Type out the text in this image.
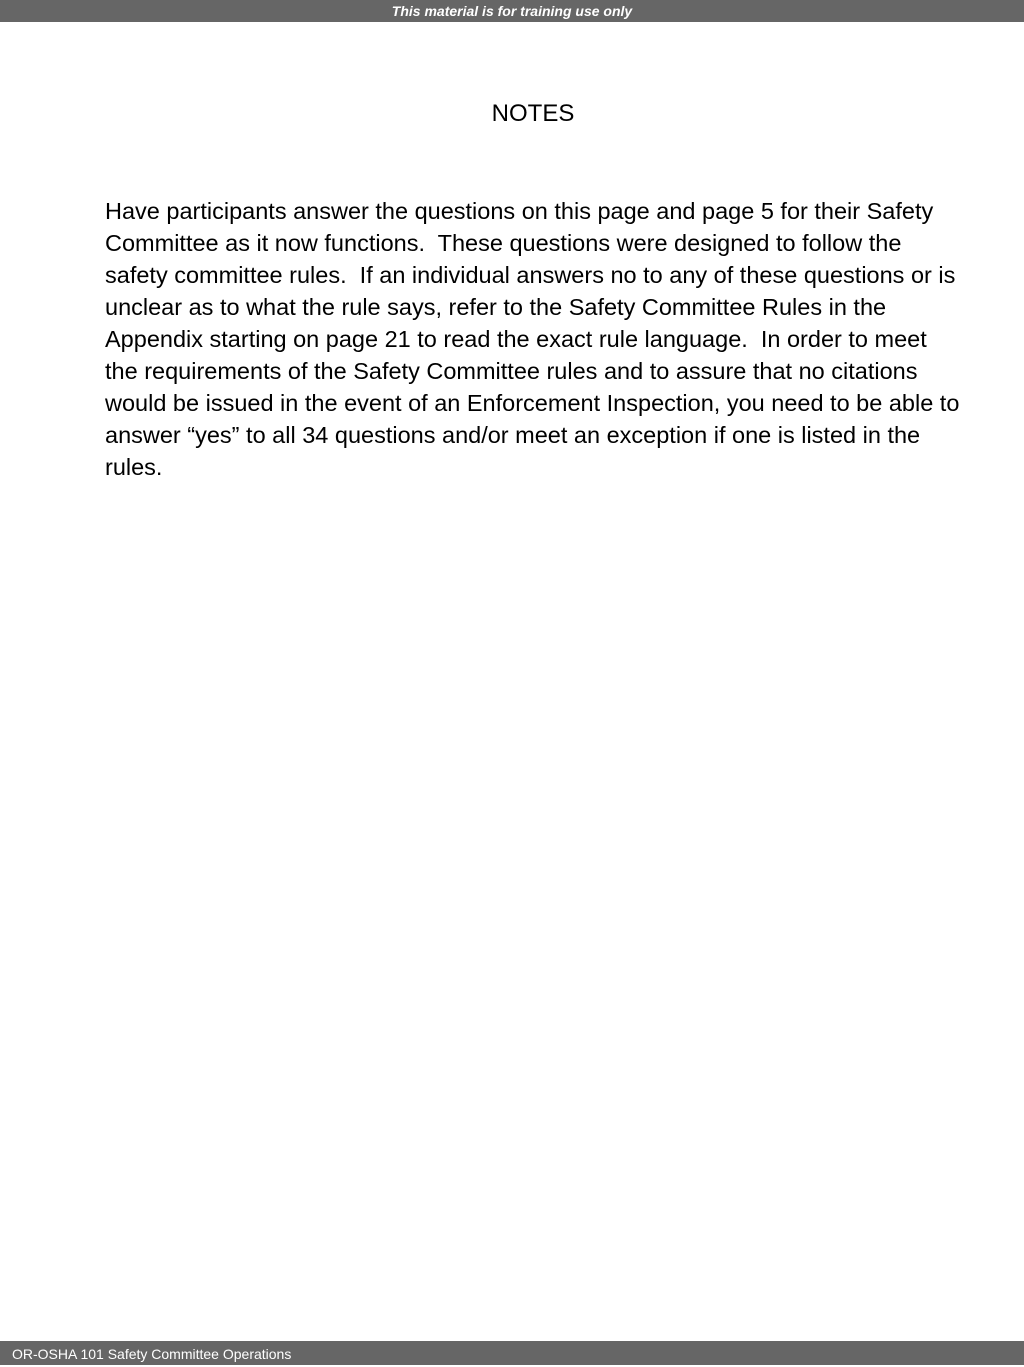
This material is for training use only
NOTES

Have participants answer the questions on this page and page 5 for their Safety Committee as it now functions.  These questions were designed to follow the safety committee rules.  If an individual answers no to any of these questions or is unclear as to what the rule says, refer to the Safety Committee Rules in the Appendix starting on page 21 to read the exact rule language.  In order to meet the requirements of the Safety Committee rules and to assure that no citations would be issued in the event of an Enforcement Inspection, you need to be able to answer “yes” to all 34 questions and/or meet an exception if one is listed in the rules.

OR-OSHA 101 Safety Committee Operations
